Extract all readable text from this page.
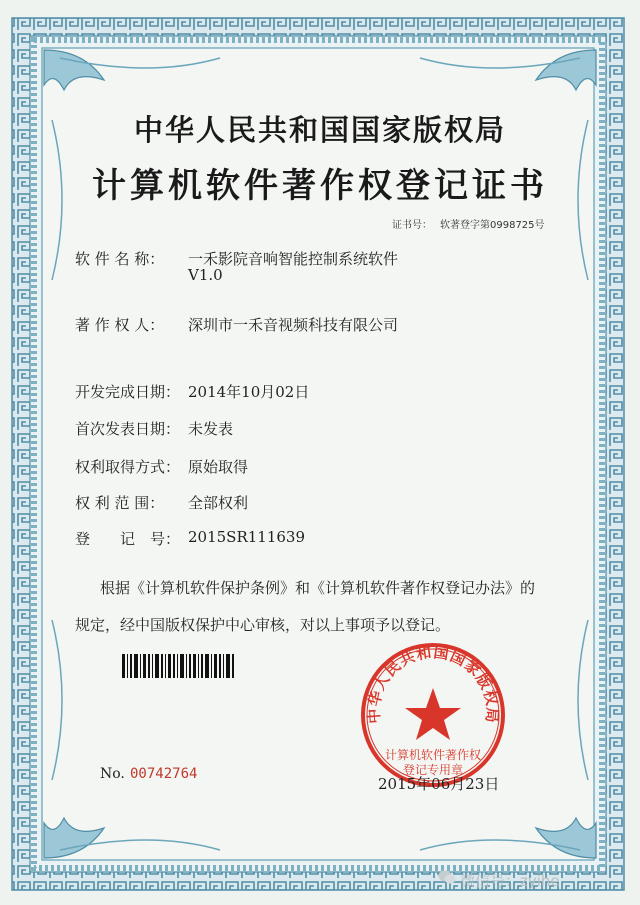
中华人民共和国国家版权局
计算机软件著作权登记证书
证书号： 软著登字第0998725号
软 件 名 称： 一禾影院音响智能控制系统软件
V1.0
著 作 权 人： 深圳市一禾音视频科技有限公司
开发完成日期： 2014年10月02日
首次发表日期： 未发表
权利取得方式： 原始取得
权 利 范 围： 全部权利
登　　记　号： 2015SR111639
根据《计算机软件保护条例》和《计算机软件著作权登记办法》的
规定，经中国版权保护中心审核，对以上事项予以登记。
中华人民共和国国家版权局
计算机软件著作权
登记专用章
No. 00742764
2015年06月23日
微信号：zyihe
